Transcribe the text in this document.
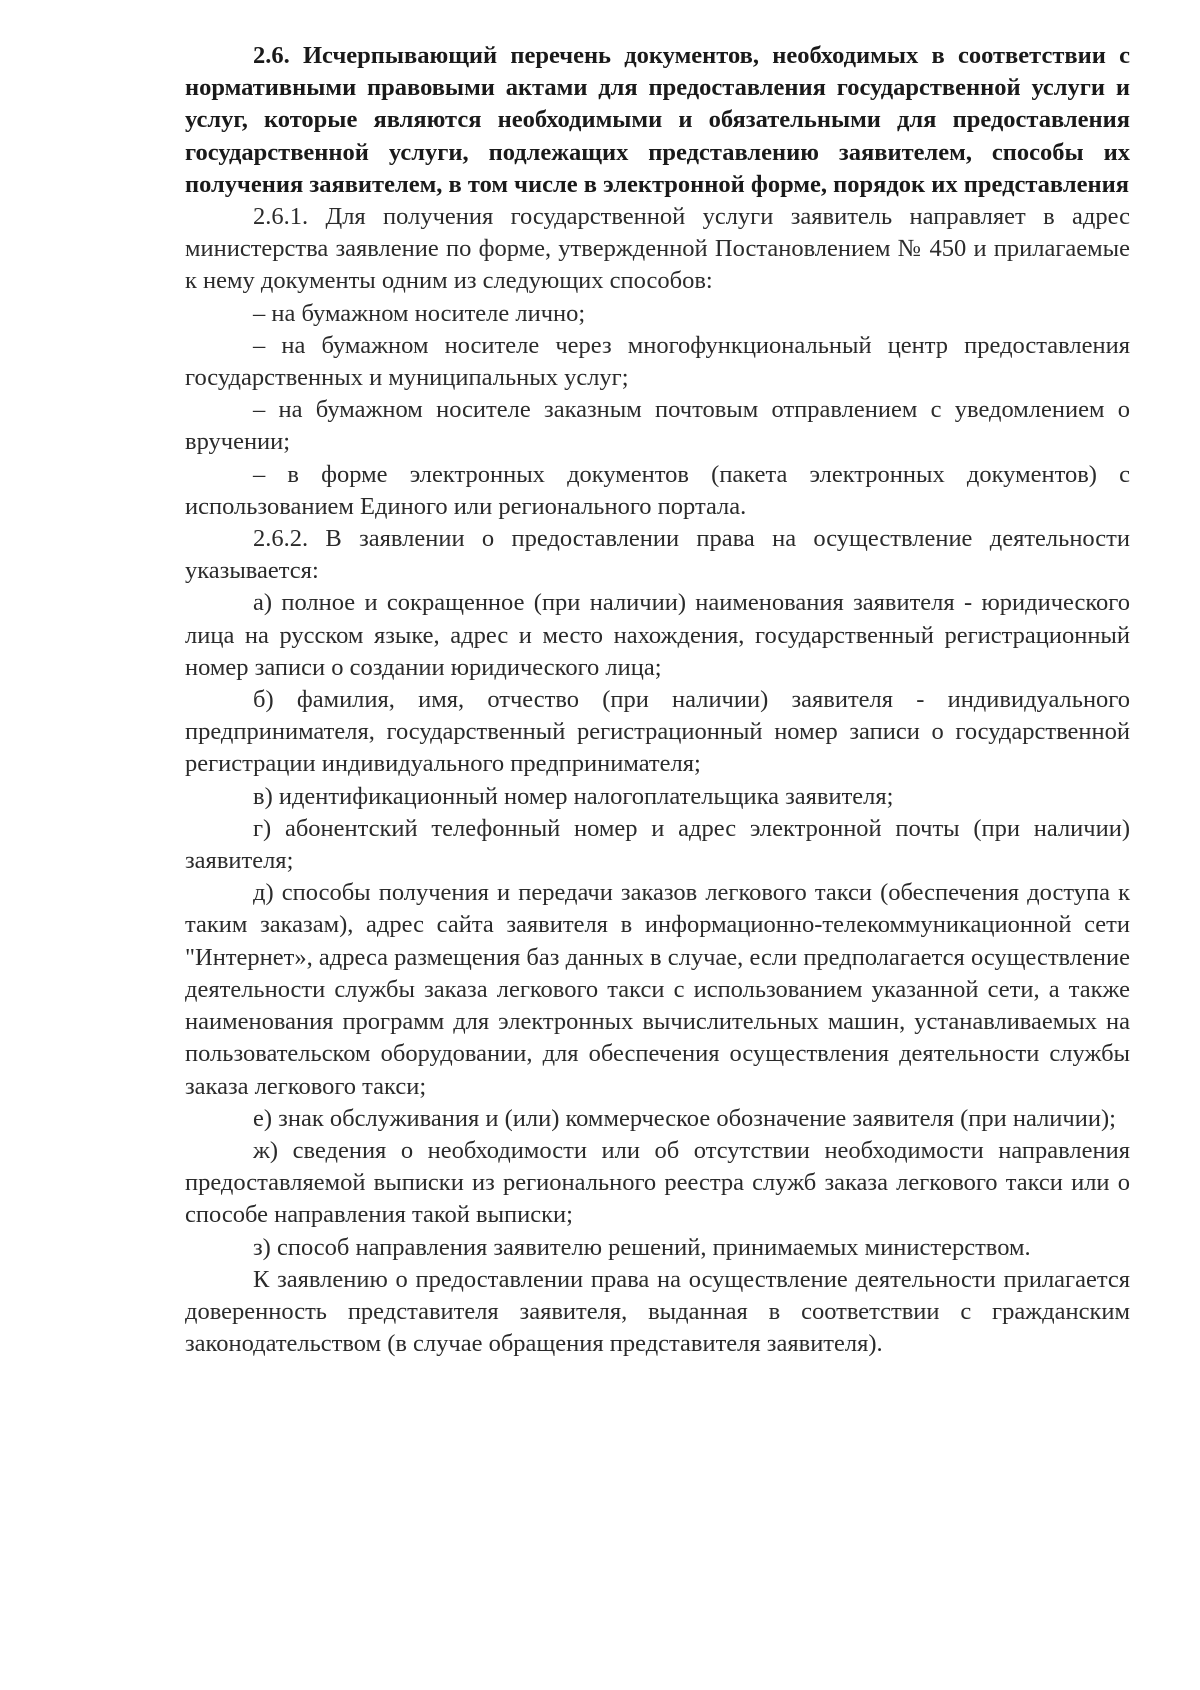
2.6. Исчерпывающий перечень документов, необходимых в соответствии с нормативными правовыми актами для предоставления государственной услуги и услуг, которые являются необходимыми и обязательными для предоставления государственной услуги, подлежащих представлению заявителем, способы их получения заявителем, в том числе в электронной форме, порядок их представления

2.6.1. Для получения государственной услуги заявитель направляет в адрес министерства заявление по форме, утвержденной Постановлением № 450 и прилагаемые к нему документы одним из следующих способов:

– на бумажном носителе лично;

– на бумажном носителе через многофункциональный центр предоставления государственных и муниципальных услуг;

– на бумажном носителе заказным почтовым отправлением с уведомлением о вручении;

– в форме электронных документов (пакета электронных документов) с использованием Единого или регионального портала.

2.6.2. В заявлении о предоставлении права на осуществление деятельности указывается:

а) полное и сокращенное (при наличии) наименования заявителя - юридического лица на русском языке, адрес и место нахождения, государственный регистрационный номер записи о создании юридического лица;

б) фамилия, имя, отчество (при наличии) заявителя - индивидуального предпринимателя, государственный регистрационный номер записи о государственной регистрации индивидуального предпринимателя;

в) идентификационный номер налогоплательщика заявителя;

г) абонентский телефонный номер и адрес электронной почты (при наличии) заявителя;

д) способы получения и передачи заказов легкового такси (обеспечения доступа к таким заказам), адрес сайта заявителя в информационно-телекоммуникационной сети "Интернет», адреса размещения баз данных в случае, если предполагается осуществление деятельности службы заказа легкового такси с использованием указанной сети, а также наименования программ для электронных вычислительных машин, устанавливаемых на пользовательском оборудовании, для обеспечения осуществления деятельности службы заказа легкового такси;

е) знак обслуживания и (или) коммерческое обозначение заявителя (при наличии);

ж) сведения о необходимости или об отсутствии необходимости направления предоставляемой выписки из регионального реестра служб заказа легкового такси или о способе направления такой выписки;

з) способ направления заявителю решений, принимаемых министерством.

К заявлению о предоставлении права на осуществление деятельности прилагается доверенность представителя заявителя, выданная в соответствии с гражданским законодательством (в случае обращения представителя заявителя).
